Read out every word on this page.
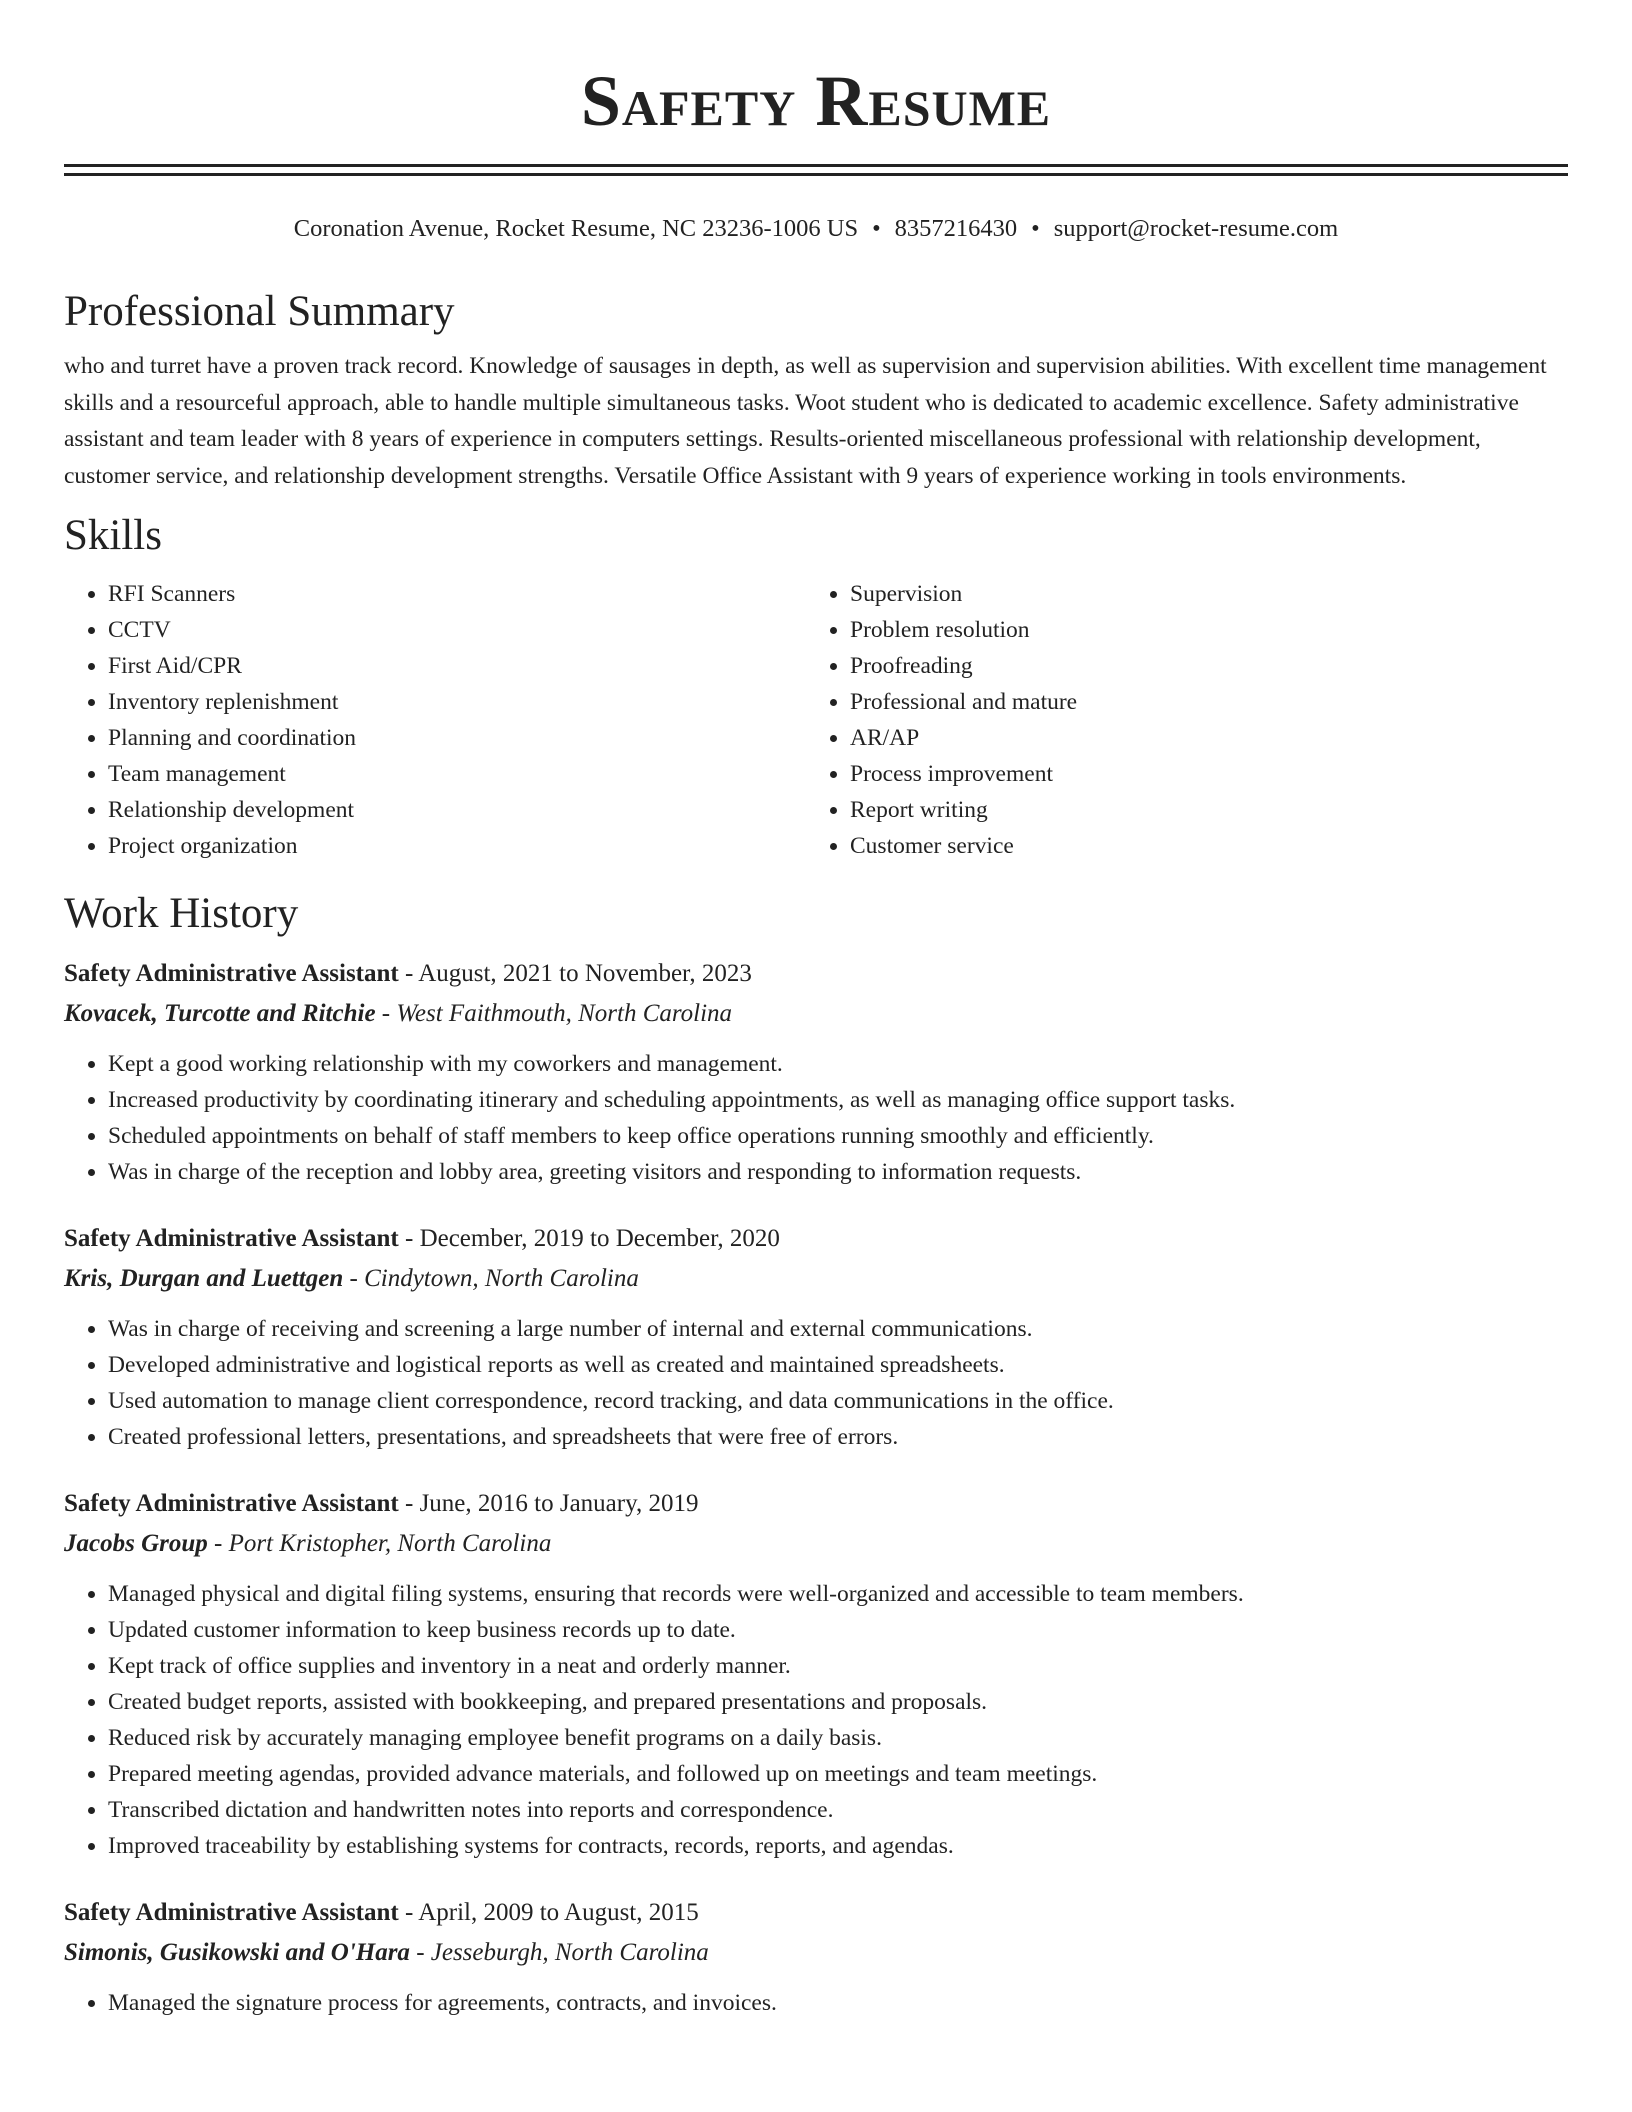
Safety Resume
Coronation Avenue, Rocket Resume, NC 23236-1006 US • 8357216430 • support@rocket-resume.com
Professional Summary

who and turret have a proven track record. Knowledge of sausages in depth, as well as supervision and supervision abilities. With excellent time management skills and a resourceful approach, able to handle multiple simultaneous tasks. Woot student who is dedicated to academic excellence. Safety administrative assistant and team leader with 8 years of experience in computers settings. Results-oriented miscellaneous professional with relationship development, customer service, and relationship development strengths. Versatile Office Assistant with 9 years of experience working in tools environments.

Skills
• RFI Scanners
• CCTV
• First Aid/CPR
• Inventory replenishment
• Planning and coordination
• Team management
• Relationship development
• Project organization
• Supervision
• Problem resolution
• Proofreading
• Professional and mature
• AR/AP
• Process improvement
• Report writing
• Customer service
Work History
Safety Administrative Assistant - August, 2021 to November, 2023
Kovacek, Turcotte and Ritchie - West Faithmouth, North Carolina
• Kept a good working relationship with my coworkers and management.
• Increased productivity by coordinating itinerary and scheduling appointments, as well as managing office support tasks.
• Scheduled appointments on behalf of staff members to keep office operations running smoothly and efficiently.
• Was in charge of the reception and lobby area, greeting visitors and responding to information requests.
Safety Administrative Assistant - December, 2019 to December, 2020
Kris, Durgan and Luettgen - Cindytown, North Carolina
• Was in charge of receiving and screening a large number of internal and external communications.
• Developed administrative and logistical reports as well as created and maintained spreadsheets.
• Used automation to manage client correspondence, record tracking, and data communications in the office.
• Created professional letters, presentations, and spreadsheets that were free of errors.
Safety Administrative Assistant - June, 2016 to January, 2019
Jacobs Group - Port Kristopher, North Carolina
• Managed physical and digital filing systems, ensuring that records were well-organized and accessible to team members.
• Updated customer information to keep business records up to date.
• Kept track of office supplies and inventory in a neat and orderly manner.
• Created budget reports, assisted with bookkeeping, and prepared presentations and proposals.
• Reduced risk by accurately managing employee benefit programs on a daily basis.
• Prepared meeting agendas, provided advance materials, and followed up on meetings and team meetings.
• Transcribed dictation and handwritten notes into reports and correspondence.
• Improved traceability by establishing systems for contracts, records, reports, and agendas.
Safety Administrative Assistant - April, 2009 to August, 2015
Simonis, Gusikowski and O'Hara - Jesseburgh, North Carolina
• Managed the signature process for agreements, contracts, and invoices.
